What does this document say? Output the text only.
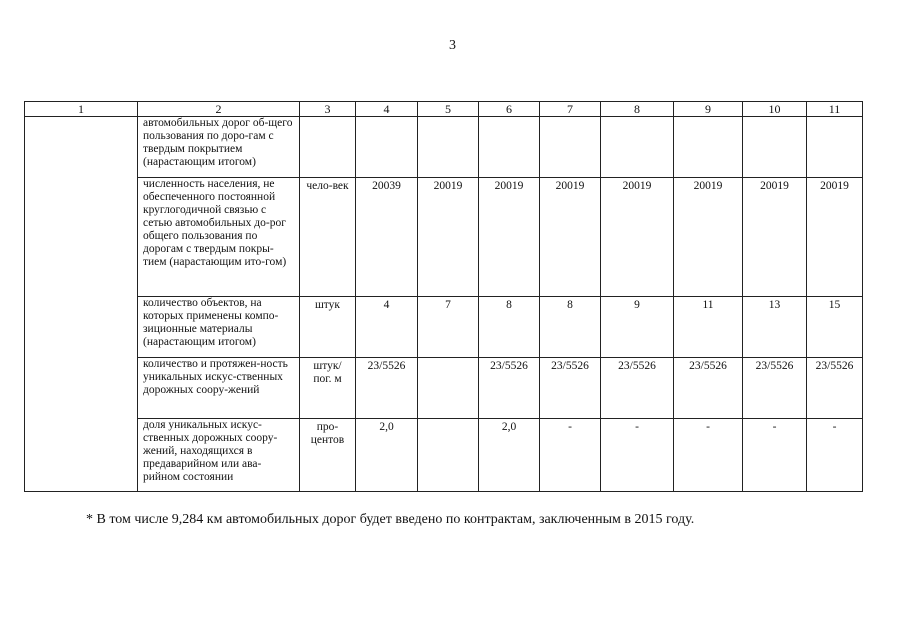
3
1	2	3	4	5	6	7	8	9	10	11
	автомобильных дорог об-щего пользования по доро-гам с твердым покрытием (нарастающим итогом)									
	численность населения, не обеспеченного постоянной круглогодичной связью с сетью автомобильных до-рог общего пользования по дорогам с твердым покры-тием (нарастающим ито-гом)	чело-век	20039	20019	20019	20019	20019	20019	20019	20019
	количество объектов, на которых применены компо-зиционные материалы (нарастающим итогом)	штук	4	7	8	8	9	11	13	15
	количество и протяжен-ность уникальных искус-ственных дорожных соору-жений	штук/ пог. м	23/5526		23/5526	23/5526	23/5526	23/5526	23/5526	23/5526
	доля уникальных искус-ственных дорожных соору-жений, находящихся в предаварийном или ава-рийном состоянии	про-центов	2,0		2,0	-	-	-	-	-
* В том числе 9,284 км автомобильных дорог будет введено по контрактам, заключенным в 2015 году.
